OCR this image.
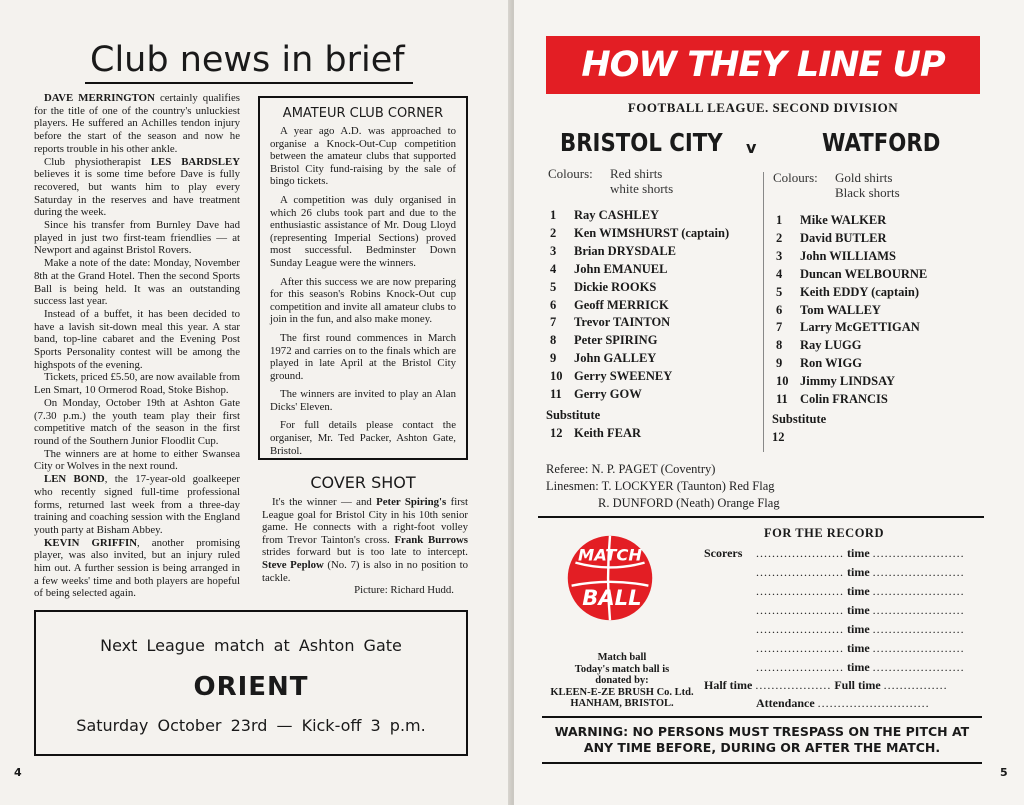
Club news in brief

DAVE MERRINGTON certainly qualifies for the title of one of the country's unluckiest players. He suffered an Achilles tendon injury before the start of the season and now he reports trouble in his other ankle.

Club physiotherapist LES BARDSLEY believes it is some time before Dave is fully recovered, but wants him to play every Saturday in the reserves and have treatment during the week.

Since his transfer from Burnley Dave had played in just two first-team friendlies — at Newport and against Bristol Rovers.

Make a note of the date: Monday, November 8th at the Grand Hotel. Then the second Sports Ball is being held. It was an outstanding success last year.

Instead of a buffet, it has been decided to have a lavish sit-down meal this year. A star band, top-line cabaret and the Evening Post Sports Personality contest will be among the highspots of the evening.

Tickets, priced £5.50, are now available from Len Smart, 10 Ormerod Road, Stoke Bishop.

On Monday, October 19th at Ashton Gate (7.30 p.m.) the youth team play their first competitive match of the season in the first round of the Southern Junior Floodlit Cup.

The winners are at home to either Swansea City or Wolves in the next round.

LEN BOND, the 17-year-old goalkeeper who recently signed full-time professional forms, returned last week from a three-day training and coaching session with the England youth party at Bisham Abbey.

KEVIN GRIFFIN, another promising player, was also invited, but an injury ruled him out. A further session is being arranged in a few weeks' time and both players are hopeful of being selected again.

AMATEUR CLUB CORNER

A year ago A.D. was approached to organise a Knock-Out-Cup competition between the amateur clubs that supported Bristol City fund-raising by the sale of bingo tickets.

A competition was duly organised in which 26 clubs took part and due to the enthusiastic assistance of Mr. Doug Lloyd (representing Imperial Sections) proved most successful. Bedminster Down Sunday League were the winners.

After this success we are now preparing for this season's Robins Knock-Out cup competition and invite all amateur clubs to join in the fun, and also make money.

The first round commences in March 1972 and carries on to the finals which are played in late April at the Bristol City ground.

The winners are invited to play an Alan Dicks' Eleven.

For full details please contact the organiser, Mr. Ted Packer, Ashton Gate, Bristol.

COVER SHOT

It's the winner — and Peter Spiring's first League goal for Bristol City in his 10th senior game. He connects with a right-foot volley from Trevor Tainton's cross. Frank Burrows strides forward but is too late to intercept. Steve Peplow (No. 7) is also in no position to tackle.

Picture: Richard Hudd.
Next League match at Ashton Gate
ORIENT
Saturday October 23rd — Kick-off 3 p.m.
4
HOW THEY LINE UP
FOOTBALL LEAGUE. SECOND DIVISION
BRISTOL CITY v	WATFORD
Colours: Red shirts
white shorts
Colours: Gold shirts
Black shorts
1 Ray CASHLEY
2 Ken WIMSHURST (captain)
3 Brian DRYSDALE
4 John EMANUEL
5 Dickie ROOKS
6 Geoff MERRICK
7 Trevor TAINTON
8 Peter SPIRING
9 John GALLEY
10 Gerry SWEENEY
11 Gerry GOW
1 Mike WALKER
2 David BUTLER
3 John WILLIAMS
4 Duncan WELBOURNE
5 Keith EDDY (captain)
6 Tom WALLEY
7 Larry McGETTIGAN
8 Ray LUGG
9 Ron WIGG
10 Jimmy LINDSAY
11 Colin FRANCIS
Substitute
12 Keith FEAR
Substitute
12
Referee: N. P. PAGET (Coventry)
Linesmen: T. LOCKYER (Taunton) Red Flag
R. DUNFORD (Neath) Orange Flag
FOR THE RECORD
Scorers ...................... time .......................
...................... time .......................
...................... time .......................
...................... time .......................
...................... time .......................
...................... time .......................
...................... time .......................
MATCH
BALL
Match ball
Today's match ball is
donated by:
KLEEN-E-ZE BRUSH Co. Ltd.
HANHAM, BRISTOL.
Half time ................... Full time ................
Attendance ............................
WARNING: NO PERSONS MUST TRESPASS ON THE PITCH AT
ANY TIME BEFORE, DURING OR AFTER THE MATCH.
5
